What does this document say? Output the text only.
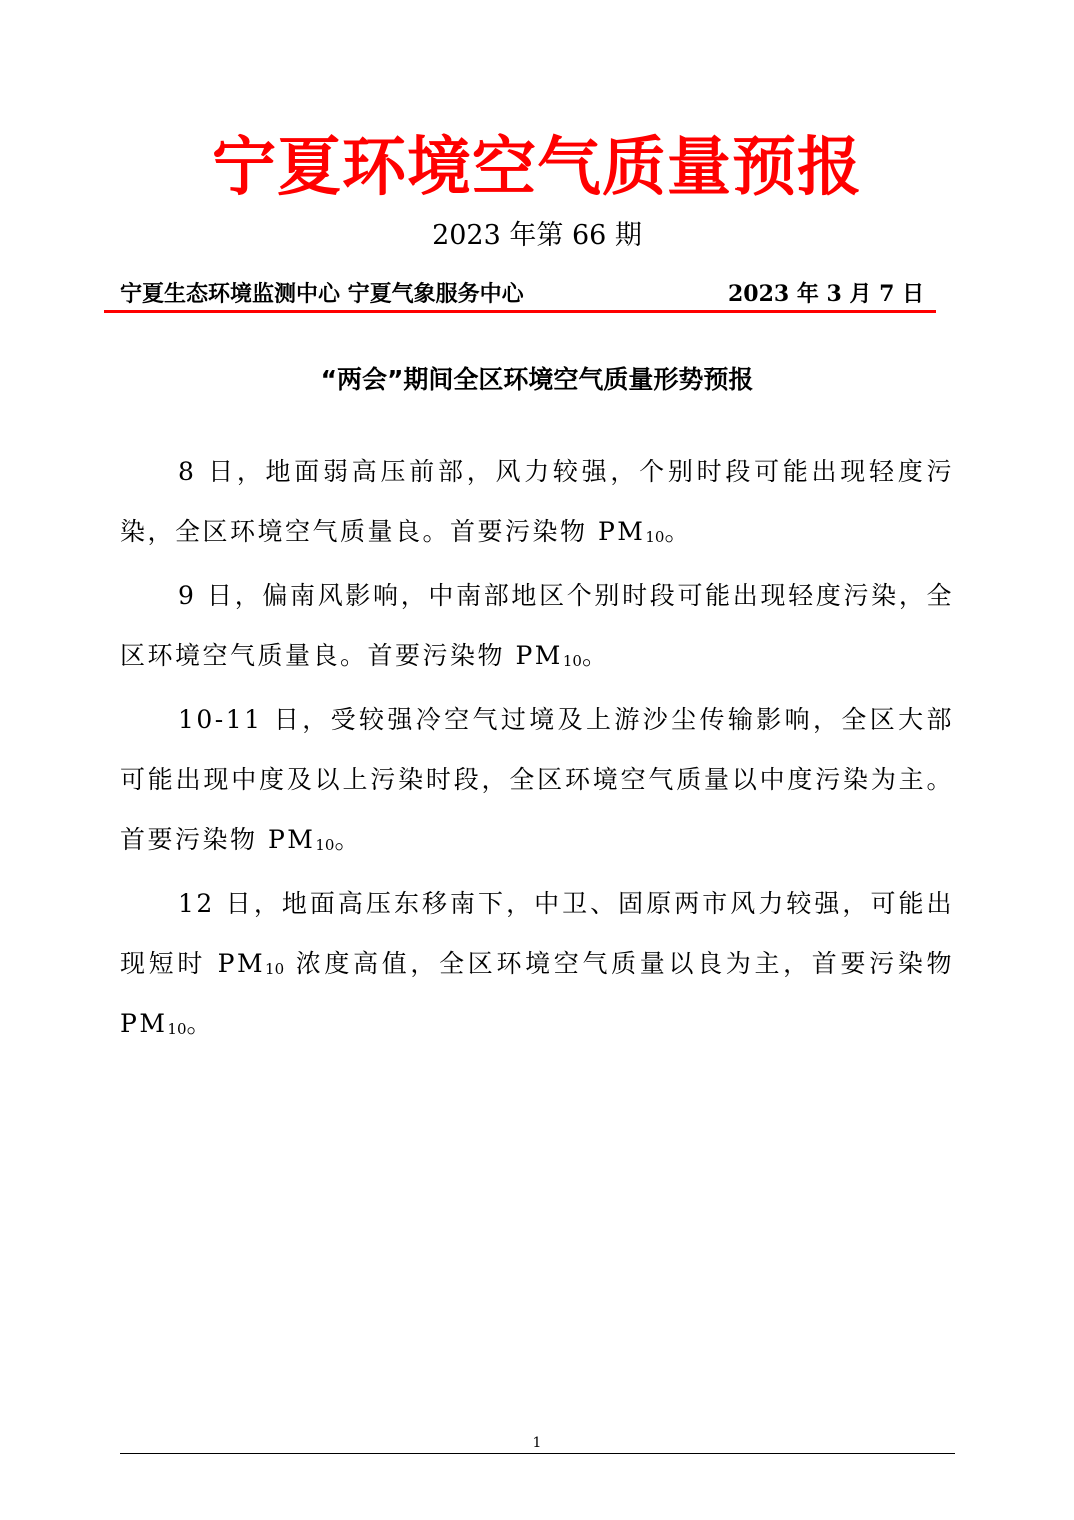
宁夏环境空气质量预报
2023 年第 66 期
宁夏生态环境监测中心 宁夏气象服务中心	2023 年 3 月 7 日
“两会”期间全区环境空气质量形势预报

8 日，地面弱高压前部，风力较强，个别时段可能出现轻度污染，全区环境空气质量良。首要污染物 $PM_{10}$。

9 日，偏南风影响，中南部地区个别时段可能出现轻度污染，全区环境空气质量良。首要污染物 $PM_{10}$。

10-11 日，受较强冷空气过境及上游沙尘传输影响，全区大部可能出现中度及以上污染时段，全区环境空气质量以中度污染为主。首要污染物 $PM_{10}$。

12 日，地面高压东移南下，中卫、固原两市风力较强，可能出现短时 $PM_{10}$ 浓度高值，全区环境空气质量以良为主，首要污染物 $PM_{10}$。

1
